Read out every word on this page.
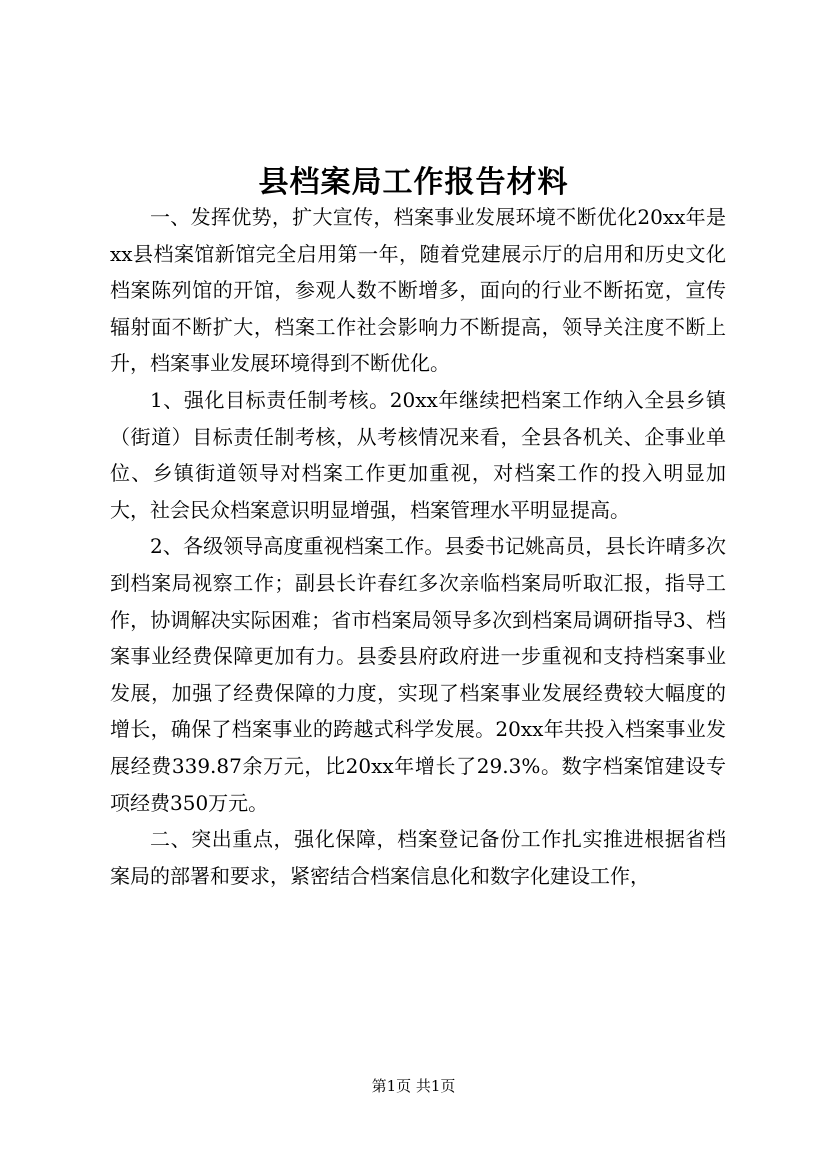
县档案局工作报告材料

一、发挥优势，扩大宣传，档案事业发展环境不断优化20xx年是xx县档案馆新馆完全启用第一年，随着党建展示厅的启用和历史文化档案陈列馆的开馆，参观人数不断增多，面向的行业不断拓宽，宣传辐射面不断扩大，档案工作社会影响力不断提高，领导关注度不断上升，档案事业发展环境得到不断优化。

1、强化目标责任制考核。20xx年继续把档案工作纳入全县乡镇（街道）目标责任制考核，从考核情况来看，全县各机关、企事业单位、乡镇街道领导对档案工作更加重视，对档案工作的投入明显加大，社会民众档案意识明显增强，档案管理水平明显提高。

2、各级领导高度重视档案工作。县委书记姚高员，县长许晴多次到档案局视察工作；副县长许春红多次亲临档案局听取汇报，指导工作，协调解决实际困难；省市档案局领导多次到档案局调研指导3、档案事业经费保障更加有力。县委县府政府进一步重视和支持档案事业发展，加强了经费保障的力度，实现了档案事业发展经费较大幅度的增长，确保了档案事业的跨越式科学发展。20xx年共投入档案事业发展经费339.87余万元，比20xx年增长了29.3%。数字档案馆建设专项经费350万元。

二、突出重点，强化保障，档案登记备份工作扎实推进根据省档案局的部署和要求，紧密结合档案信息化和数字化建设工作，

第1页 共1页
